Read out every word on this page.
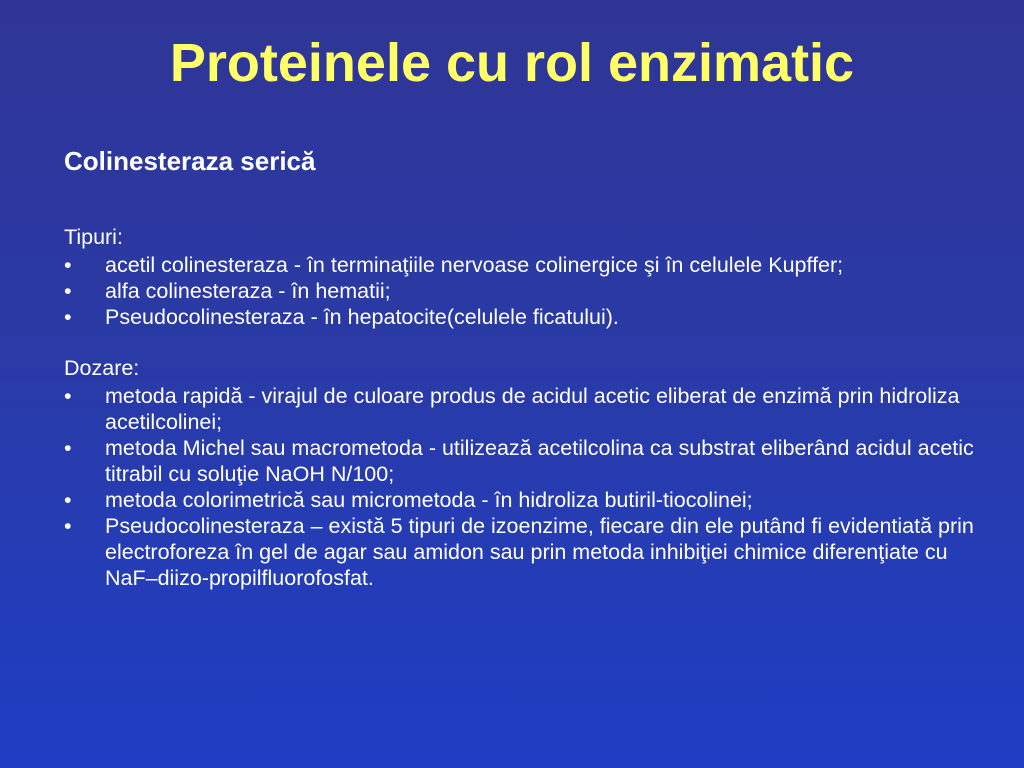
Proteinele cu rol enzimatic
Colinesteraza serică

Tipuri:

•	acetil colinesteraza - în terminaţiile nervoase colinergice şi în celulele Kupffer;
•	alfa colinesteraza - în hematii;
•	Pseudocolinesteraza - în hepatocite(celulele ficatului).

Dozare:

•	metoda rapidă - virajul de culoare produs de acidul acetic eliberat de enzimă prin hidroliza acetilcolinei;
•	metoda Michel sau macrometoda - utilizează acetilcolina ca substrat eliberând acidul acetic titrabil cu soluţie NaOH N/100;
•	metoda colorimetrică sau micrometoda - în hidroliza butiril-tiocolinei;
•	Pseudocolinesteraza – există 5 tipuri de izoenzime, fiecare din ele putând fi evidentiată prin electroforeza în gel de agar sau amidon sau prin metoda inhibiţiei chimice diferenţiate cu NaF–diizo-propilfluorofosfat.
